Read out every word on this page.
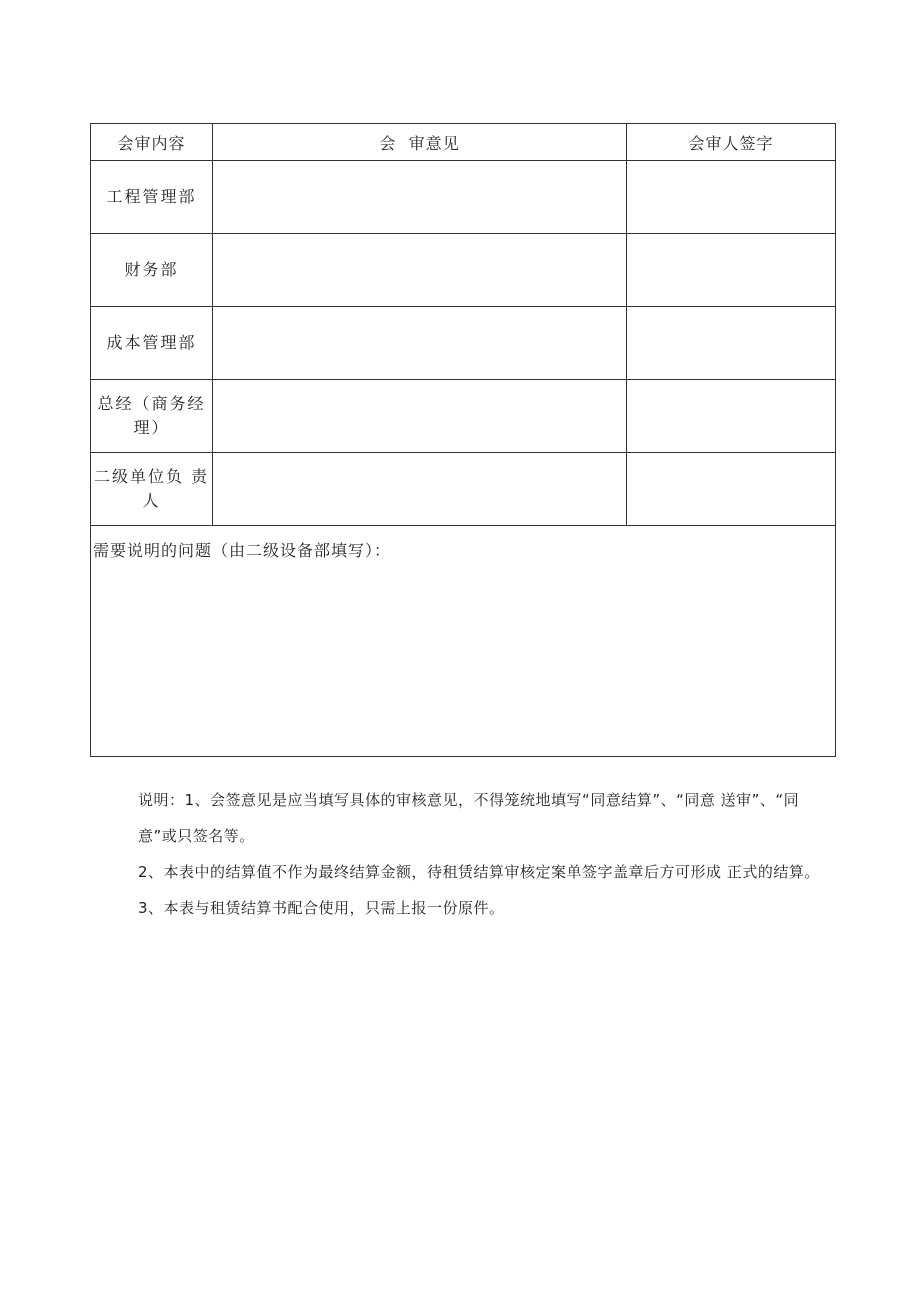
会审内容	会  审意见	会审人签字
工程管理部		
财务部		
成本管理部		
总经（商务经理）		
二级单位负 责人		
需要说明的问题（由二级设备部填写）：		

说明：1、会签意见是应当填写具体的审核意见，不得笼统地填写“同意结算”、“同意 送审”、“同意”或只签名等。

2、本表中的结算值不作为最终结算金额，待租赁结算审核定案单签字盖章后方可形成 正式的结算。

3、本表与租赁结算书配合使用，只需上报一份原件。
